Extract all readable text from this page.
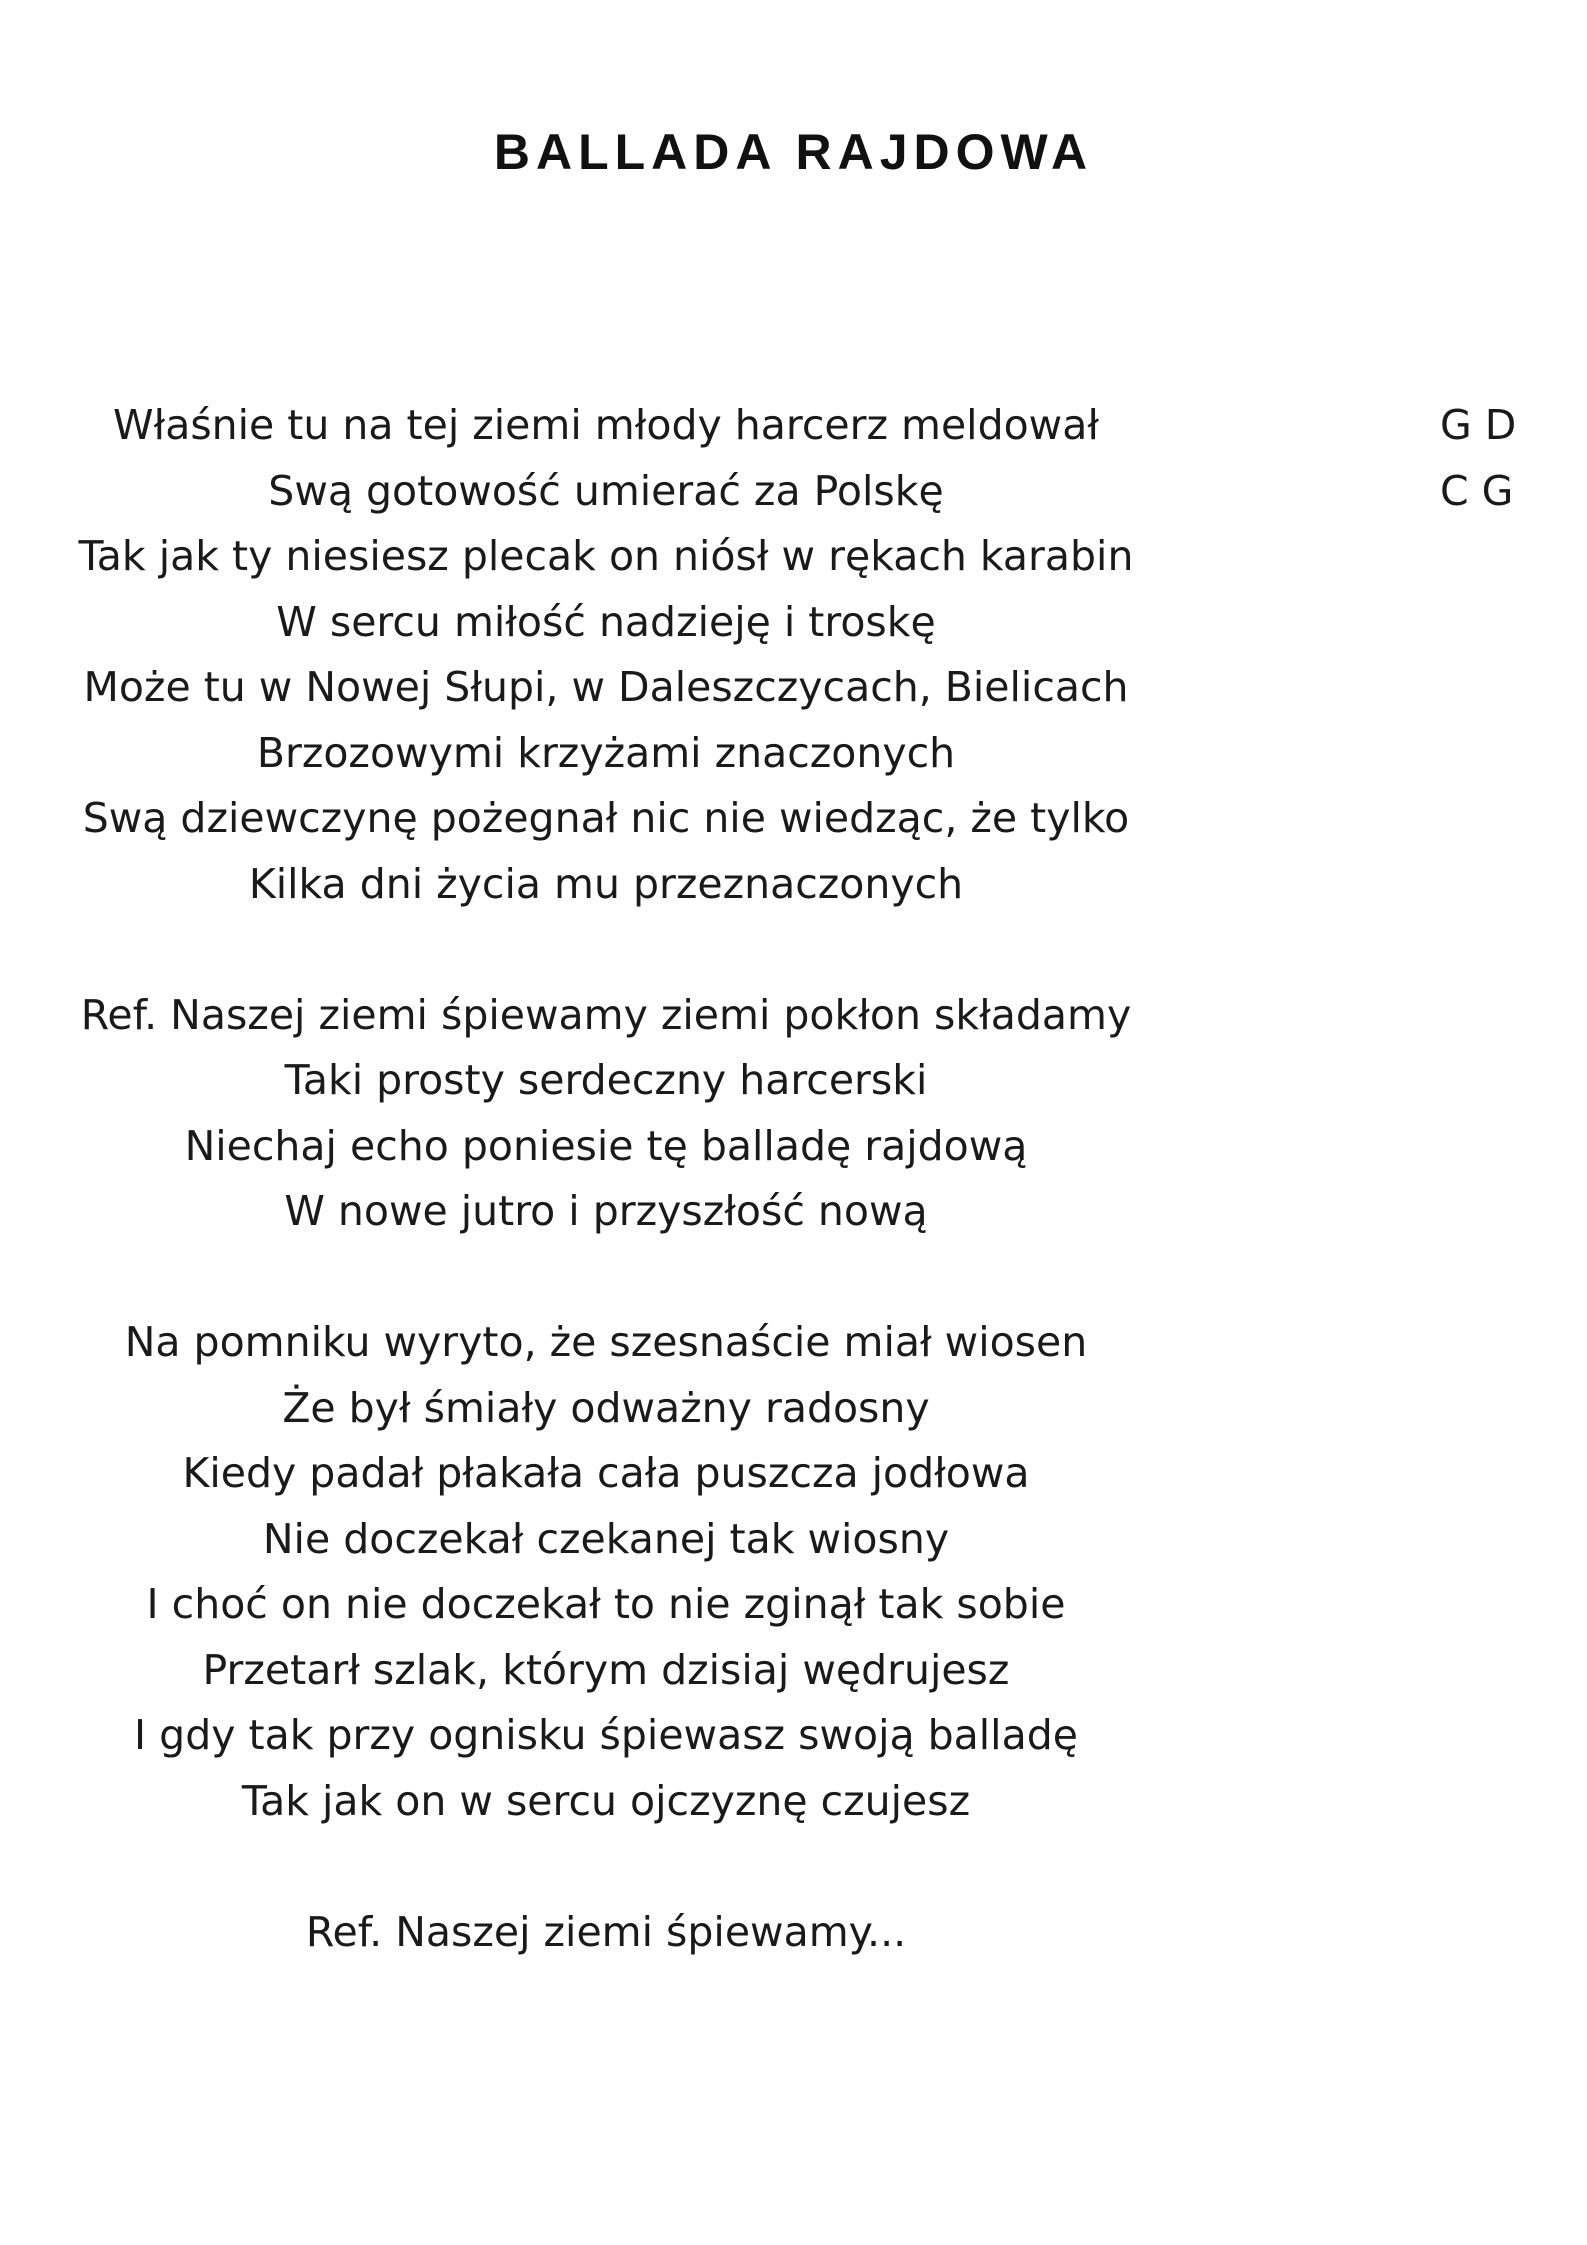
BALLADA RAJDOWA
Właśnie tu na tej ziemi młody harcerz meldował
Swą gotowość umierać za Polskę
Tak jak ty niesiesz plecak on niósł w rękach karabin
W sercu miłość nadzieję i troskę
Może tu w Nowej Słupi, w Daleszczycach, Bielicach
Brzozowymi krzyżami znaczonych
Swą dziewczynę pożegnał nic nie wiedząc, że tylko
Kilka dni życia mu przeznaczonych
Ref. Naszej ziemi śpiewamy ziemi pokłon składamy
Taki prosty serdeczny harcerski
Niechaj echo poniesie tę balladę rajdową
W nowe jutro i przyszłość nową
Na pomniku wyryto, że szesnaście miał wiosen
Że był śmiały odważny radosny
Kiedy padał płakała cała puszcza jodłowa
Nie doczekał czekanej tak wiosny
I choć on nie doczekał to nie zginął tak sobie
Przetarł szlak, którym dzisiaj wędrujesz
I gdy tak przy ognisku śpiewasz swoją balladę
Tak jak on w sercu ojczyznę czujesz
Ref. Naszej ziemi śpiewamy...
G D
C G
